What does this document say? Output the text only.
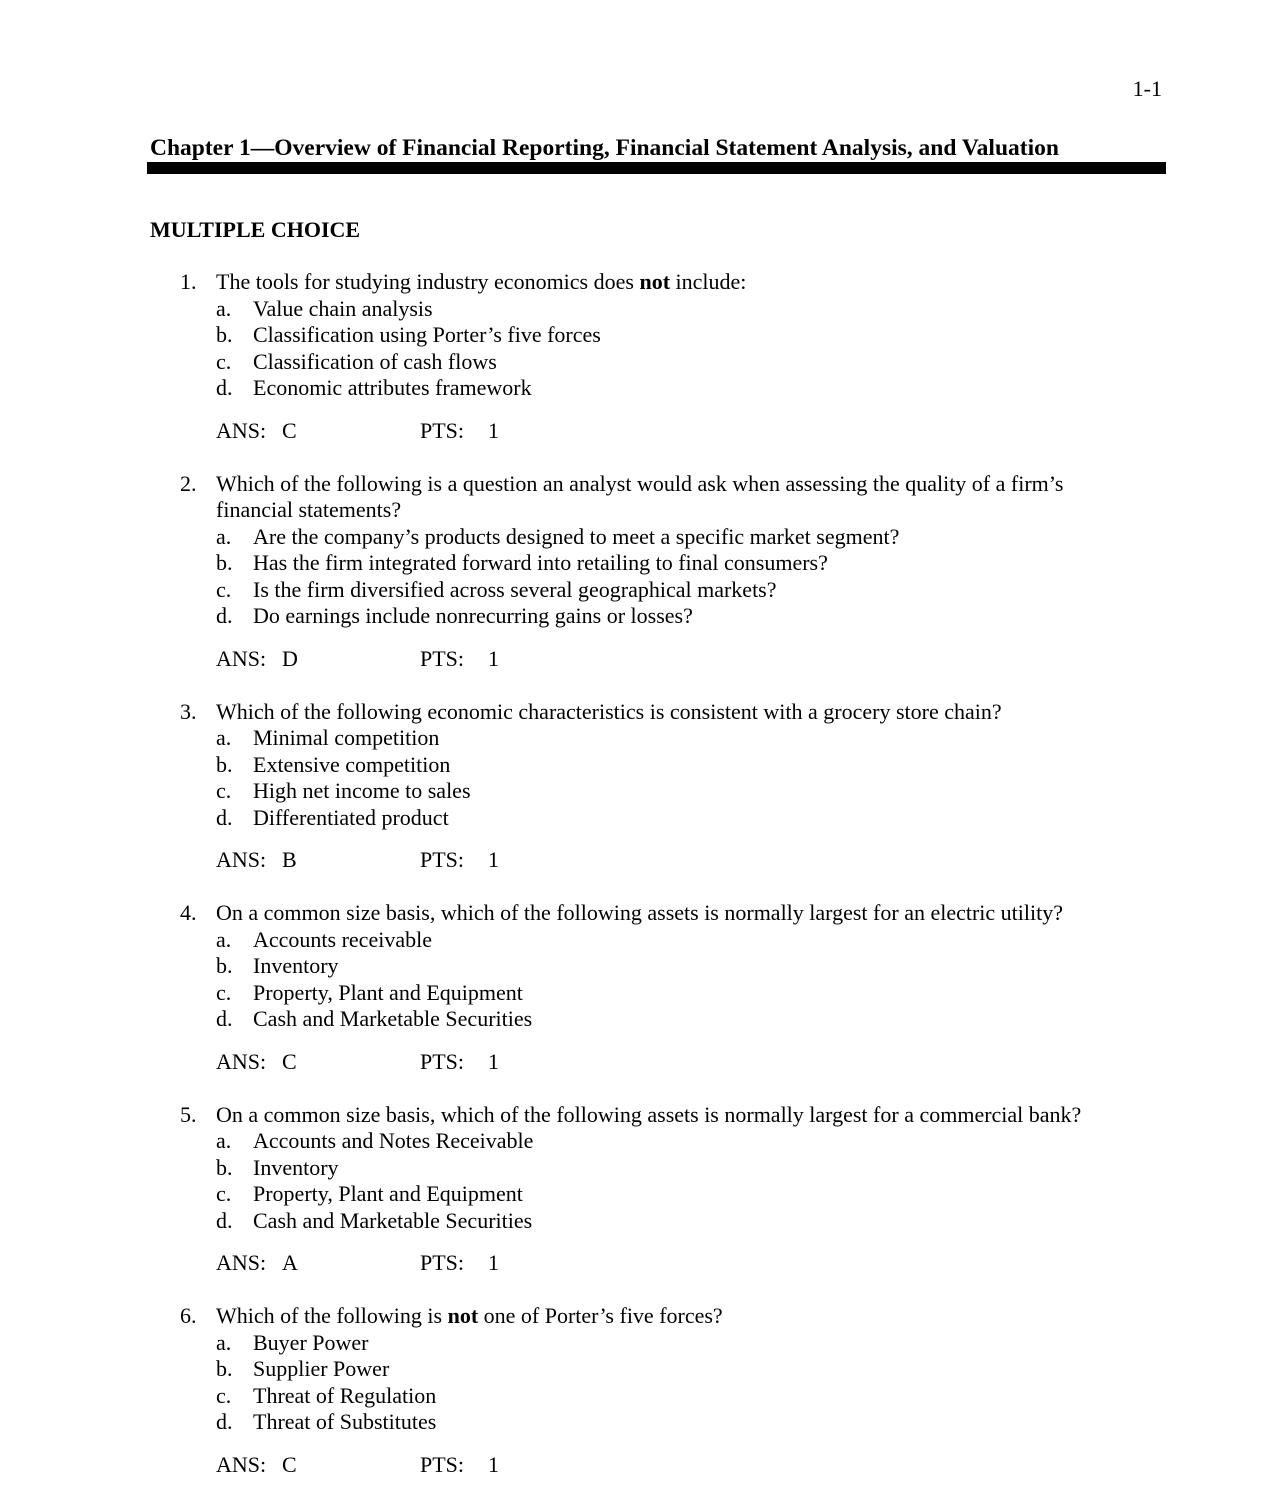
1-1
Chapter 1—Overview of Financial Reporting, Financial Statement Analysis, and Valuation
MULTIPLE CHOICE
1. The tools for studying industry economics does not include:
a. Value chain analysis
b. Classification using Porter’s five forces
c. Classification of cash flows
d. Economic attributes framework
ANS: C	PTS:	1
2. Which of the following is a question an analyst would ask when assessing the quality of a firm’s financial statements?
a. Are the company’s products designed to meet a specific market segment?
b. Has the firm integrated forward into retailing to final consumers?
c. Is the firm diversified across several geographical markets?
d. Do earnings include nonrecurring gains or losses?
ANS: D	PTS:	1
3. Which of the following economic characteristics is consistent with a grocery store chain?
a. Minimal competition
b. Extensive competition
c. High net income to sales
d. Differentiated product
ANS: B	PTS:	1
4. On a common size basis, which of the following assets is normally largest for an electric utility?
a. Accounts receivable
b. Inventory
c. Property, Plant and Equipment
d. Cash and Marketable Securities
ANS: C	PTS:	1
5. On a common size basis, which of the following assets is normally largest for a commercial bank?
a. Accounts and Notes Receivable
b. Inventory
c. Property, Plant and Equipment
d. Cash and Marketable Securities
ANS: A	PTS:	1
6. Which of the following is not one of Porter’s five forces?
a. Buyer Power
b. Supplier Power
c. Threat of Regulation
d. Threat of Substitutes
ANS: C	PTS:	1
